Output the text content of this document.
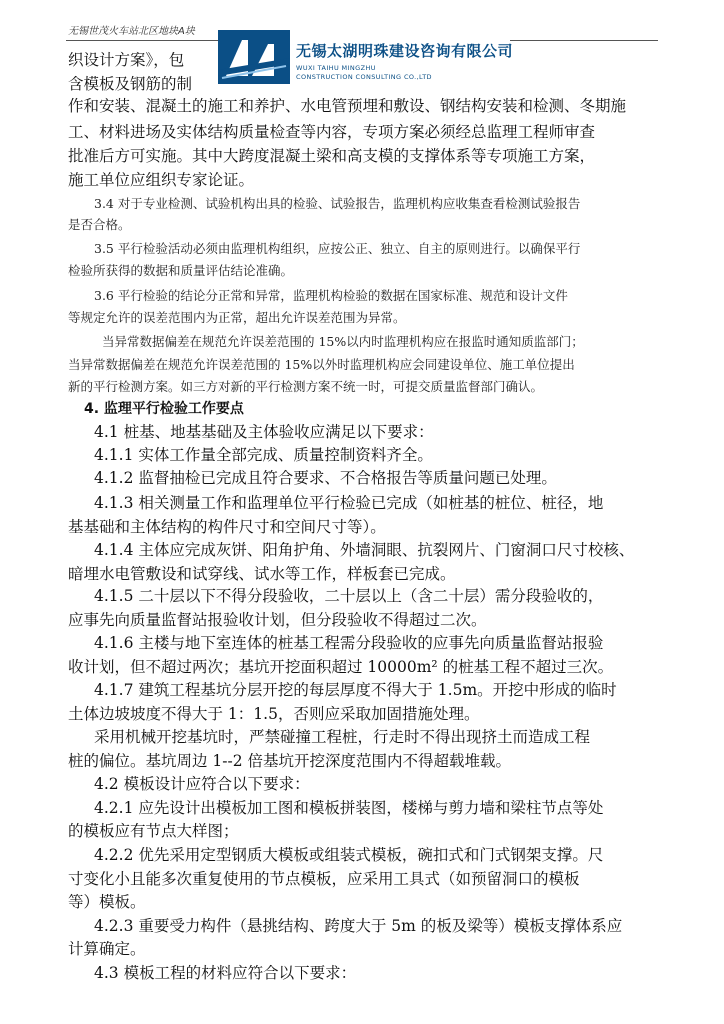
无锡世茂火车站北区地块A块
无锡太湖明珠建设咨询有限公司
WUXI TAIHU MINGZHU
CONSTRUCTION CONSULTING CO.,LTD
织设计方案》，包
含模板及钢筋的制
作和安装、混凝土的施工和养护、水电管预埋和敷设、钢结构安装和检测、冬期施
工、材料进场及实体结构质量检查等内容，专项方案必须经总监理工程师审查
批准后方可实施。其中大跨度混凝土梁和高支模的支撑体系等专项施工方案，
施工单位应组织专家论证。
3.4 对于专业检测、试验机构出具的检验、试验报告，监理机构应收集查看检测试验报告
是否合格。
3.5 平行检验活动必须由监理机构组织，应按公正、独立、自主的原则进行。以确保平行
检验所获得的数据和质量评估结论准确。
3.6 平行检验的结论分正常和异常，监理机构检验的数据在国家标准、规范和设计文件
等规定允许的误差范围内为正常，超出允许误差范围为异常。
当异常数据偏差在规范允许误差范围的 15%以内时监理机构应在报监时通知质监部门；
当异常数据偏差在规范允许误差范围的 15%以外时监理机构应会同建设单位、施工单位提出
新的平行检测方案。如三方对新的平行检测方案不统一时，可提交质量监督部门确认。
4. 监理平行检验工作要点
4.1 桩基、地基基础及主体验收应满足以下要求：
4.1.1 实体工作量全部完成、质量控制资料齐全。
4.1.2 监督抽检已完成且符合要求、不合格报告等质量问题已处理。
4.1.3 相关测量工作和监理单位平行检验已完成（如桩基的桩位、桩径，地
基基础和主体结构的构件尺寸和空间尺寸等）。
4.1.4 主体应完成灰饼、阳角护角、外墙洞眼、抗裂网片、门窗洞口尺寸校核、
暗埋水电管敷设和试穿线、试水等工作，样板套已完成。
4.1.5 二十层以下不得分段验收，二十层以上（含二十层）需分段验收的，
应事先向质量监督站报验收计划，但分段验收不得超过二次。
4.1.6 主楼与地下室连体的桩基工程需分段验收的应事先向质量监督站报验
收计划，但不超过两次；基坑开挖面积超过 10000m² 的桩基工程不超过三次。
4.1.7 建筑工程基坑分层开挖的每层厚度不得大于 1.5m。开挖中形成的临时
土体边坡坡度不得大于 1：1.5，否则应采取加固措施处理。
采用机械开挖基坑时，严禁碰撞工程桩，行走时不得出现挤土而造成工程
桩的偏位。基坑周边 1--2 倍基坑开挖深度范围内不得超载堆载。
4.2 模板设计应符合以下要求：
4.2.1 应先设计出模板加工图和模板拼装图，楼梯与剪力墙和梁柱节点等处
的模板应有节点大样图；
4.2.2 优先采用定型钢质大模板或组装式模板，碗扣式和门式钢架支撑。尺
寸变化小且能多次重复使用的节点模板，应采用工具式（如预留洞口的模板
等）模板。
4.2.3 重要受力构件（悬挑结构、跨度大于 5m 的板及梁等）模板支撑体系应
计算确定。
4.3 模板工程的材料应符合以下要求：
